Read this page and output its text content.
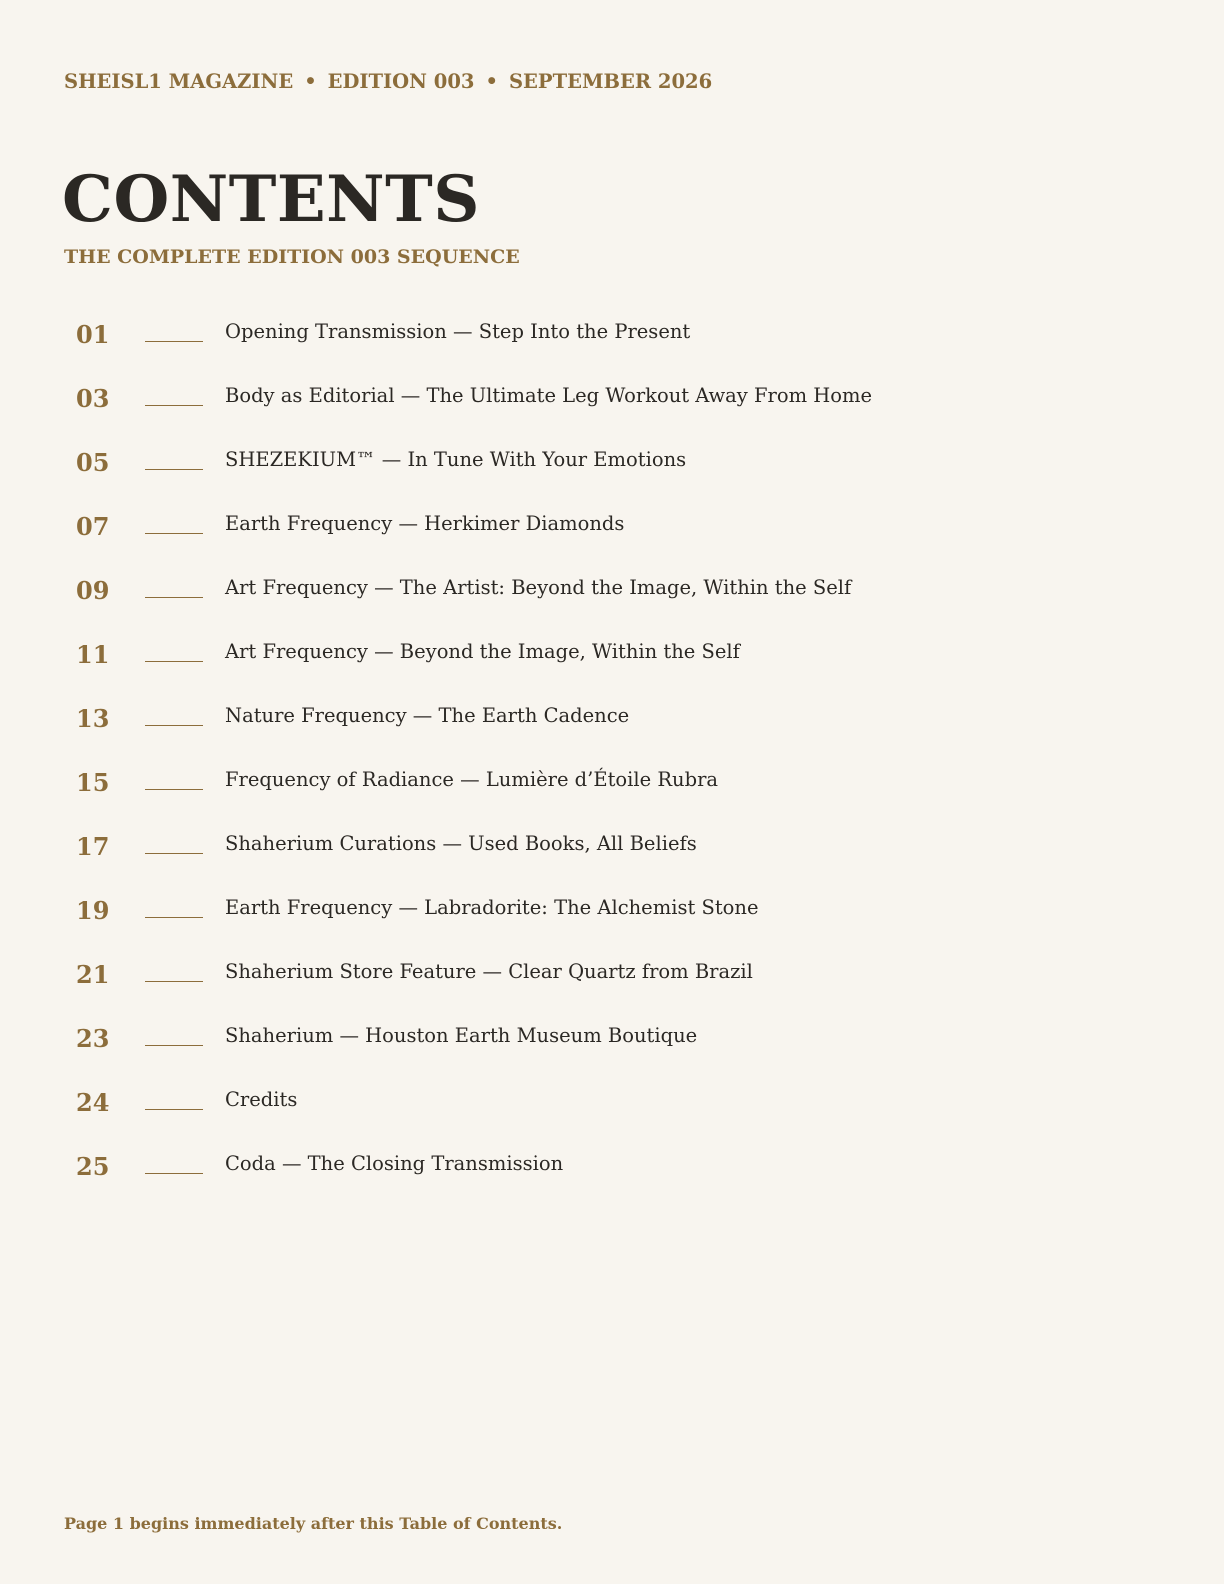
SHEISL1 MAGAZINE • EDITION 003 • SEPTEMBER 2026
CONTENTS
THE COMPLETE EDITION 003 SEQUENCE
01	Opening Transmission — Step Into the Present
03	Body as Editorial — The Ultimate Leg Workout Away From Home
05	SHEZEKIUM™ — In Tune With Your Emotions
07	Earth Frequency — Herkimer Diamonds
09	Art Frequency — The Artist: Beyond the Image, Within the Self
11	Art Frequency — Beyond the Image, Within the Self
13	Nature Frequency — The Earth Cadence
15	Frequency of Radiance — Lumière d’Étoile Rubra
17	Shaherium Curations — Used Books, All Beliefs
19	Earth Frequency — Labradorite: The Alchemist Stone
21	Shaherium Store Feature — Clear Quartz from Brazil
23	Shaherium — Houston Earth Museum Boutique
24	Credits
25	Coda — The Closing Transmission
Page 1 begins immediately after this Table of Contents.
